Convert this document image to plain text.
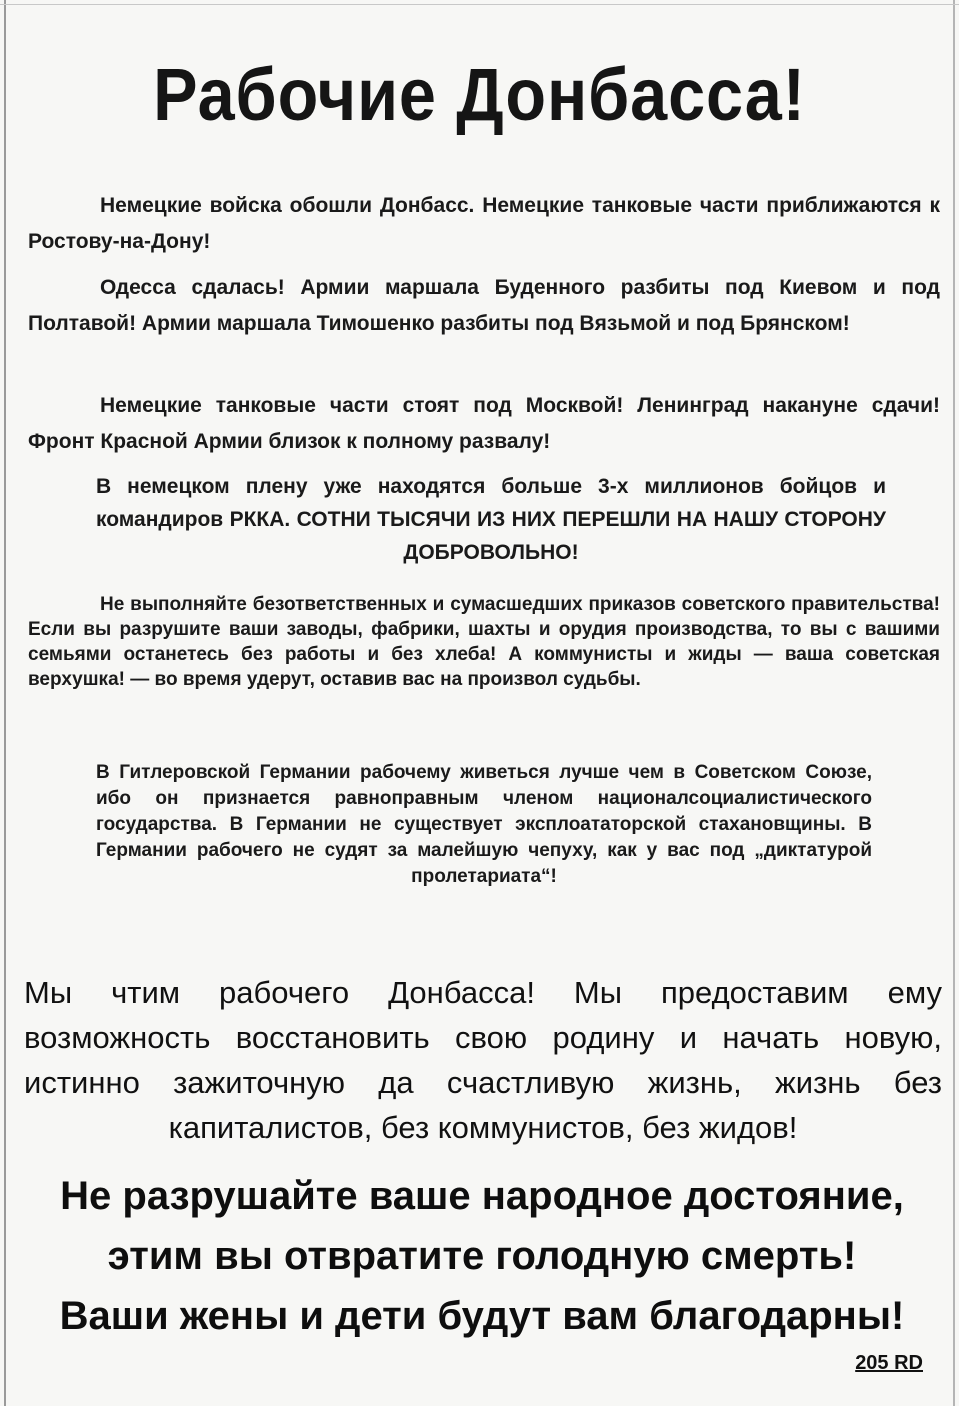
Рабочие Донбасса!

Немецкие войска обошли Донбасс. Немецкие танковые части приближаются к Ростову-на-Дону!

Одесса сдалась! Армии маршала Буденного разбиты под Киевом и под Полтавой! Армии маршала Тимошенко разбиты под Вязьмой и под Брянском!

Немецкие танковые части стоят под Москвой! Ленинград накануне сдачи! Фронт Красной Армии близок к полному развалу!

В немецком плену уже находятся больше 3-х миллионов бойцов и командиров РККА. СОТНИ ТЫСЯЧИ ИЗ НИХ ПЕРЕШЛИ НА НАШУ СТОРОНУ ДОБРОВОЛЬНО!

Не выполняйте безответственных и сумасшедших приказов советского правительства! Если вы разрушите ваши заводы, фабрики, шахты и орудия производства, то вы с вашими семьями останетесь без работы и без хлеба! А коммунисты и жиды — ваша советская верхушка! — во время удерут, оставив вас на произвол судьбы.

В Гитлеровской Германии рабочему живеться лучше чем в Советском Союзе, ибо он признается равноправным членом националсоциалистического государства. В Германии не существует эксплоататорской стахановщины. В Германии рабочего не судят за малейшую чепуху, как у вас под „диктатурой пролетариата“!

Мы чтим рабочего Донбасса! Мы предоставим ему возможность восстановить свою родину и начать новую, истинно зажиточную да счастливую жизнь, жизнь без капиталистов, без коммунистов, без жидов!

Не разрушайте ваше народное достояние,
этим вы отвратите голодную смерть!
Ваши жены и дети будут вам благодарны!
205 RD
